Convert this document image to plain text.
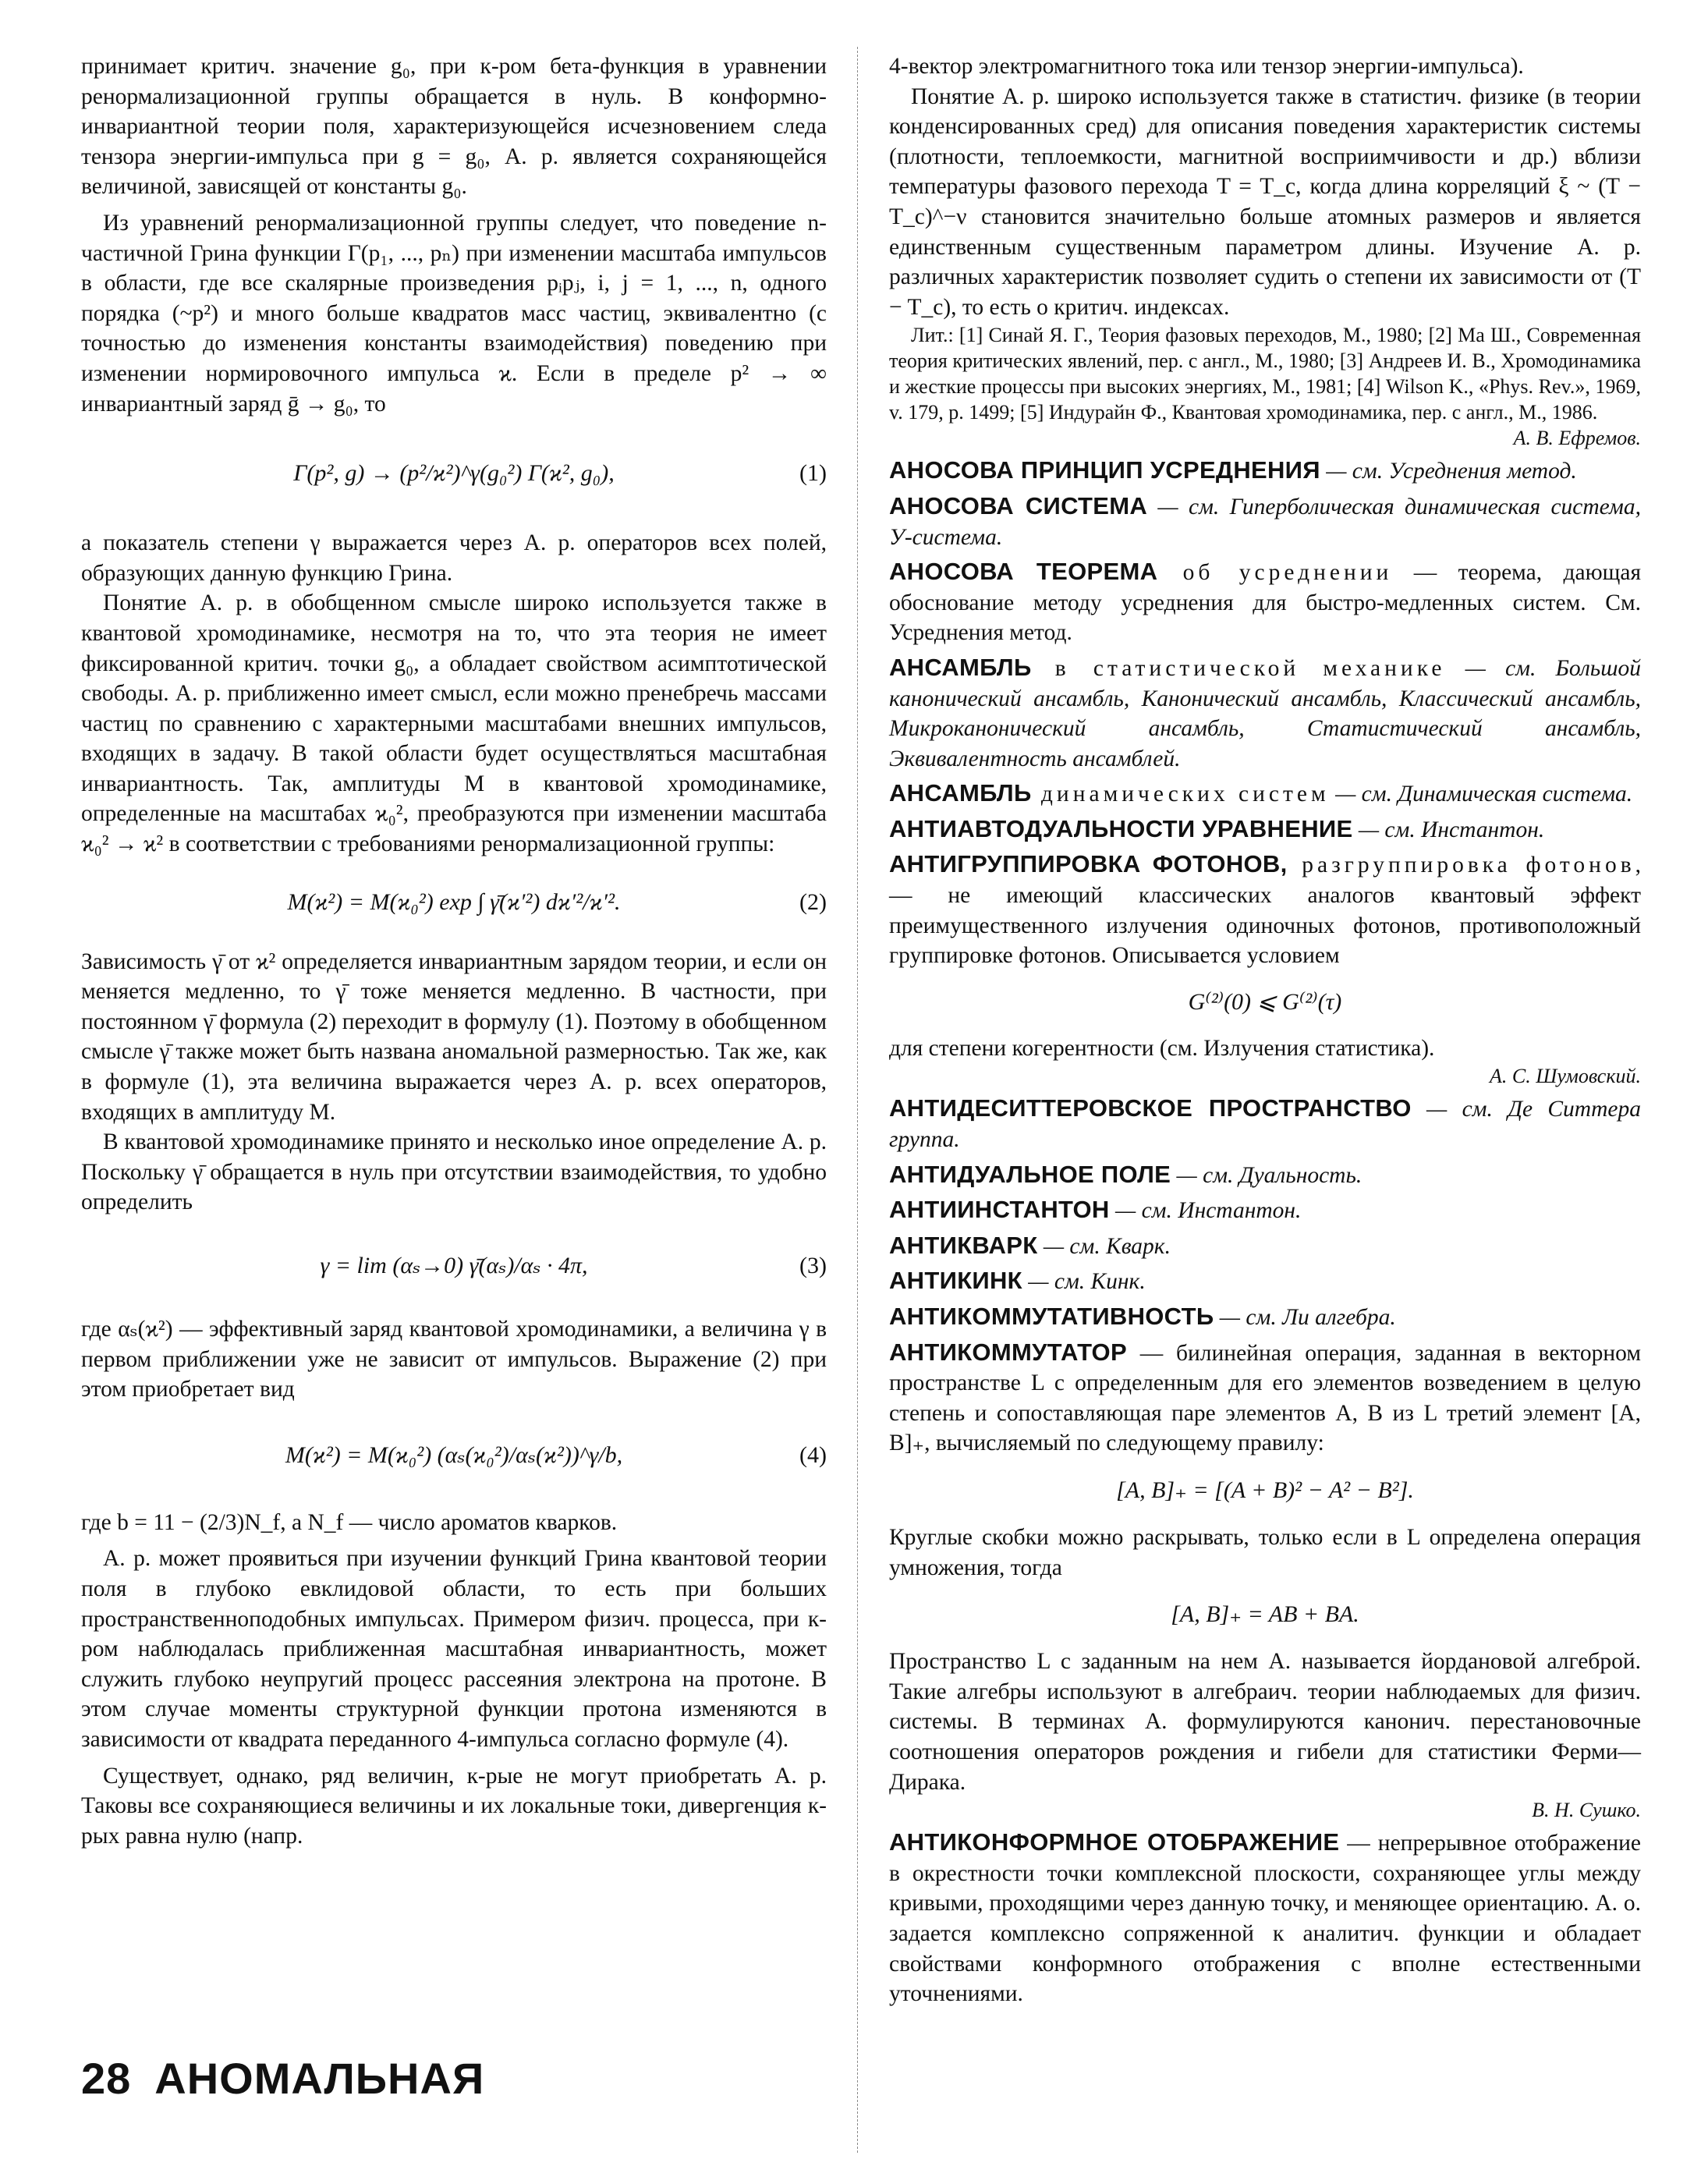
принимает критич. значение g₀, при к-ром бета-функция в уравнении ренормализационной группы обращается в нуль. В конформно-инвариантной теории поля, характеризующейся исчезновением следа тензора энергии-импульса при g = g₀, А. р. является сохраняющейся величиной, зависящей от константы g₀.

Из уравнений ренормализационной группы следует, что поведение n-частичной Грина функции Γ(p₁, ..., pₙ) при изменении масштаба импульсов в области, где все скалярные произведения pᵢpⱼ, i, j = 1, ..., n, одного порядка (~p²) и много больше квадратов масс частиц, эквивалентно (с точностью до изменения константы взаимодействия) поведению при изменении нормировочного импульса ϰ. Если в пределе p² → ∞ инвариантный заряд ḡ → g₀, то

Γ(p², g) → (p²/ϰ²)^γ(g₀²) Γ(ϰ², g₀),	(1)

а показатель степени γ выражается через А. р. операторов всех полей, образующих данную функцию Грина.

Понятие А. р. в обобщенном смысле широко используется также в квантовой хромодинамике, несмотря на то, что эта теория не имеет фиксированной критич. точки g₀, а обладает свойством асимптотической свободы. А. р. приближенно имеет смысл, если можно пренебречь массами частиц по сравнению с характерными масштабами внешних импульсов, входящих в задачу. В такой области будет осуществляться масштабная инвариантность. Так, амплитуды M в квантовой хромодинамике, определенные на масштабах ϰ₀², преобразуются при изменении масштаба ϰ₀² → ϰ² в соответствии с требованиями ренормализационной группы:

M(ϰ²) = M(ϰ₀²) exp ∫ γ̄(ϰ′²) dϰ′²/ϰ′².	(2)

Зависимость γ̄ от ϰ² определяется инвариантным зарядом теории, и если он меняется медленно, то γ̄ тоже меняется медленно. В частности, при постоянном γ̄ формула (2) переходит в формулу (1). Поэтому в обобщенном смысле γ̄ также может быть названа аномальной размерностью. Так же, как в формуле (1), эта величина выражается через А. р. всех операторов, входящих в амплитуду M.

В квантовой хромодинамике принято и несколько иное определение А. р. Поскольку γ̄ обращается в нуль при отсутствии взаимодействия, то удобно определить

γ = lim (αₛ→0) γ̄(αₛ)/αₛ · 4π,	(3)

где αₛ(ϰ²) — эффективный заряд квантовой хромодинамики, а величина γ в первом приближении уже не зависит от импульсов. Выражение (2) при этом приобретает вид

M(ϰ²) = M(ϰ₀²) (αₛ(ϰ₀²)/αₛ(ϰ²))^γ/b,	(4)

где b = 11 − (2/3)N_f, а N_f — число ароматов кварков.

А. р. может проявиться при изучении функций Грина квантовой теории поля в глубоко евклидовой области, то есть при больших пространственноподобных импульсах. Примером физич. процесса, при к-ром наблюдалась приближенная масштабная инвариантность, может служить глубоко неупругий процесс рассеяния электрона на протоне. В этом случае моменты структурной функции протона изменяются в зависимости от квадрата переданного 4-импульса согласно формуле (4).

Существует, однако, ряд величин, к-рые не могут приобретать А. р. Таковы все сохраняющиеся величины и их локальные токи, дивергенция к-рых равна нулю (напр.

4-вектор электромагнитного тока или тензор энергии-импульса).

Понятие А. р. широко используется также в статистич. физике (в теории конденсированных сред) для описания поведения характеристик системы (плотности, теплоемкости, магнитной восприимчивости и др.) вблизи температуры фазового перехода T = T_c, когда длина корреляций ξ ~ (T − T_c)^−ν становится значительно больше атомных размеров и является единственным существенным параметром длины. Изучение А. р. различных характеристик позволяет судить о степени их зависимости от (T − T_c), то есть о критич. индексах.

Лит.: [1] Синай Я. Г., Теория фазовых переходов, М., 1980; [2] Ма Ш., Современная теория критических явлений, пер. с англ., М., 1980; [3] Андреев И. В., Хромодинамика и жесткие процессы при высоких энергиях, М., 1981; [4] Wilson K., «Phys. Rev.», 1969, v. 179, p. 1499; [5] Индурайн Ф., Квантовая хромодинамика, пер. с англ., М., 1986.

А. В. Ефремов.

АНОСОВА ПРИНЦИП УСРЕДНЕНИЯ — см. Усреднения метод.

АНОСОВА СИСТЕМА — см. Гиперболическая динамическая система, У-система.

АНОСОВА ТЕОРЕМА об усреднении — теорема, дающая обоснование методу усреднения для быстро-медленных систем. См. Усреднения метод.

АНСАМБЛЬ в статистической механике — см. Большой канонический ансамбль, Канонический ансамбль, Классический ансамбль, Микроканонический ансамбль, Статистический ансамбль, Эквивалентность ансамблей.

АНСАМБЛЬ динамических систем — см. Динамическая система.

АНТИАВТОДУАЛЬНОСТИ УРАВНЕНИЕ — см. Инстантон.

АНТИГРУППИРОВКА ФОТОНОВ, разгруппировка фотонов, — не имеющий классических аналогов квантовый эффект преимущественного излучения одиночных фотонов, противоположный группировке фотонов. Описывается условием

G⁽²⁾(0) ⩽ G⁽²⁾(τ)

для степени когерентности (см. Излучения статистика).

А. С. Шумовский.

АНТИДЕСИТТЕРОВСКОЕ ПРОСТРАНСТВО — см. Де Ситтера группа.

АНТИДУАЛЬНОЕ ПОЛЕ — см. Дуальность.

АНТИИНСТАНТОН — см. Инстантон.

АНТИКВАРК — см. Кварк.

АНТИКИНК — см. Кинк.

АНТИКОММУТАТИВНОСТЬ — см. Ли алгебра.

АНТИКОММУТАТОР — билинейная операция, заданная в векторном пространстве L с определенным для его элементов возведением в целую степень и сопоставляющая паре элементов A, B из L третий элемент [A, B]₊, вычисляемый по следующему правилу:

[A, B]₊ = [(A + B)² − A² − B²].

Круглые скобки можно раскрывать, только если в L определена операция умножения, тогда

[A, B]₊ = AB + BA.

Пространство L с заданным на нем А. называется йордановой алгеброй. Такие алгебры используют в алгебраич. теории наблюдаемых для физич. системы. В терминах А. формулируются канонич. перестановочные соотношения операторов рождения и гибели для статистики Ферми—Дирака.

В. Н. Сушко.

АНТИКОНФОРМНОЕ ОТОБРАЖЕНИЕ — непрерывное отображение в окрестности точки комплексной плоскости, сохраняющее углы между кривыми, проходящими через данную точку, и меняющее ориентацию. А. о. задается комплексно сопряженной к аналитич. функции и обладает свойствами конформного отображения с вполне естественными уточнениями.

28 АНОМАЛЬНАЯ
